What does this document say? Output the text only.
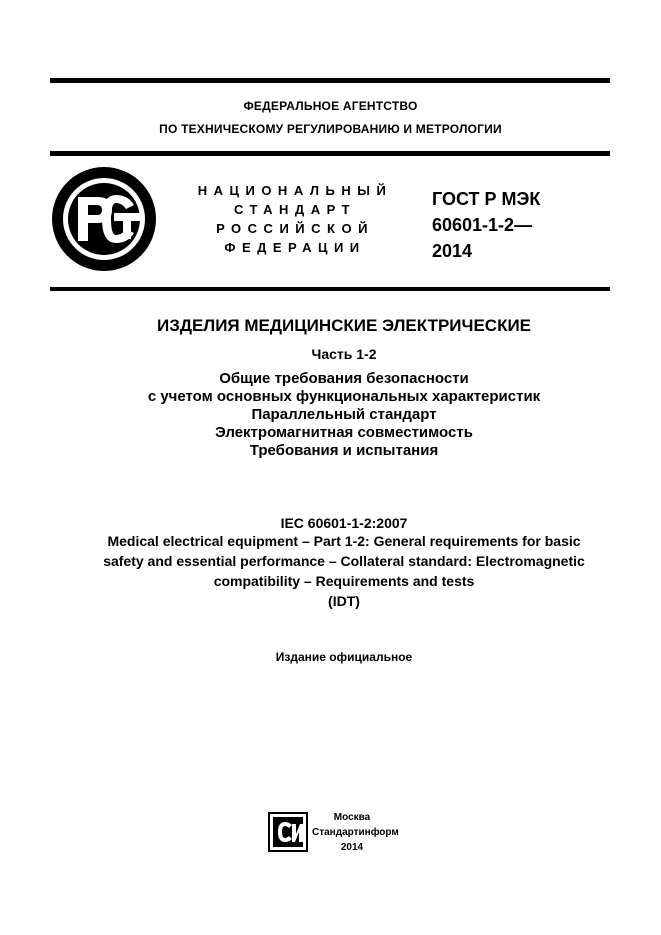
ФЕДЕРАЛЬНОЕ АГЕНТСТВО
ПО ТЕХНИЧЕСКОМУ РЕГУЛИРОВАНИЮ И МЕТРОЛОГИИ
НАЦИОНАЛЬНЫЙ
СТАНДАРТ
РОССИЙСКОЙ
ФЕДЕРАЦИИ
ГОСТ Р МЭК
60601-1-2—
2014
ИЗДЕЛИЯ МЕДИЦИНСКИЕ ЭЛЕКТРИЧЕСКИЕ
Часть 1-2
Общие требования безопасности
с учетом основных функциональных характеристик
Параллельный стандарт
Электромагнитная совместимость
Требования и испытания
IEC 60601-1-2:2007
Medical electrical equipment – Part 1-2: General requirements for basic
safety and essential performance – Collateral standard: Electromagnetic
compatibility – Requirements and tests
(IDT)
Издание официальное
Москва
Стандартинформ
2014
